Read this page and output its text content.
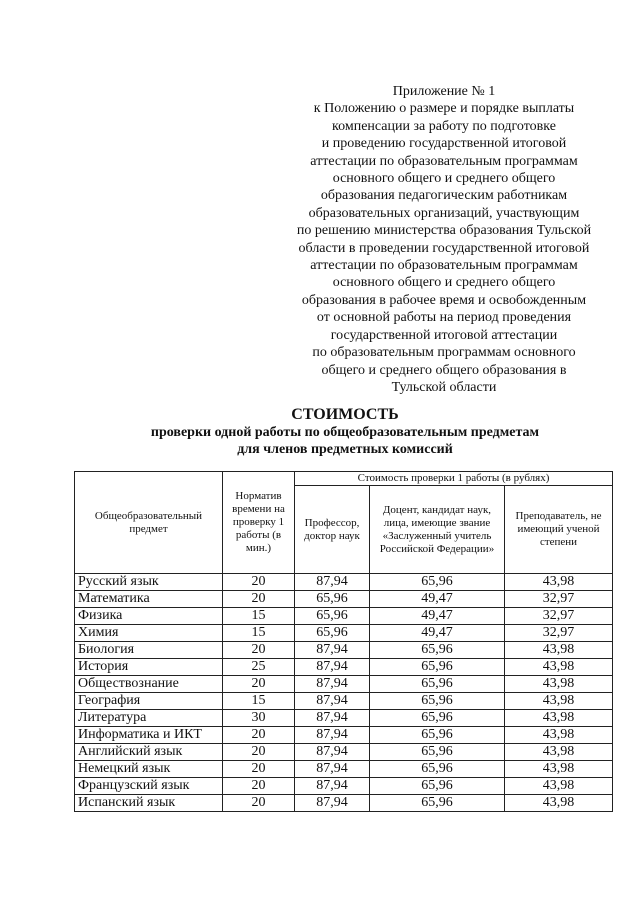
Приложение № 1
к Положению о размере и порядке выплаты
компенсации за работу по подготовке
и проведению государственной итоговой
аттестации по образовательным программам
основного общего и среднего общего
образования педагогическим работникам
образовательных организаций, участвующим
по решению министерства образования Тульской
области в проведении государственной итоговой
аттестации по образовательным программам
основного общего и среднего общего
образования в рабочее время и освобожденным
от основной работы на период проведения
государственной итоговой аттестации
по образовательным программам основного
общего и среднего общего образования в
Тульской области
СТОИМОСТЬ
проверки одной работы по общеобразовательным предметам
для членов предметных комиссий
Общеобразовательный предмет	Норматив времени на проверку 1 работы (в мин.)	Стоимость проверки 1 работы (в рублях)		
		Профессор, доктор наук	Доцент, кандидат наук, лица, имеющие звание «Заслуженный учитель Российской Федерации»	Преподаватель, не имеющий ученой степени
Русский язык	20	87,94	65,96	43,98
Математика	20	65,96	49,47	32,97
Физика	15	65,96	49,47	32,97
Химия	15	65,96	49,47	32,97
Биология	20	87,94	65,96	43,98
История	25	87,94	65,96	43,98
Обществознание	20	87,94	65,96	43,98
География	15	87,94	65,96	43,98
Литература	30	87,94	65,96	43,98
Информатика и ИКТ	20	87,94	65,96	43,98
Английский язык	20	87,94	65,96	43,98
Немецкий язык	20	87,94	65,96	43,98
Французский язык	20	87,94	65,96	43,98
Испанский язык	20	87,94	65,96	43,98
